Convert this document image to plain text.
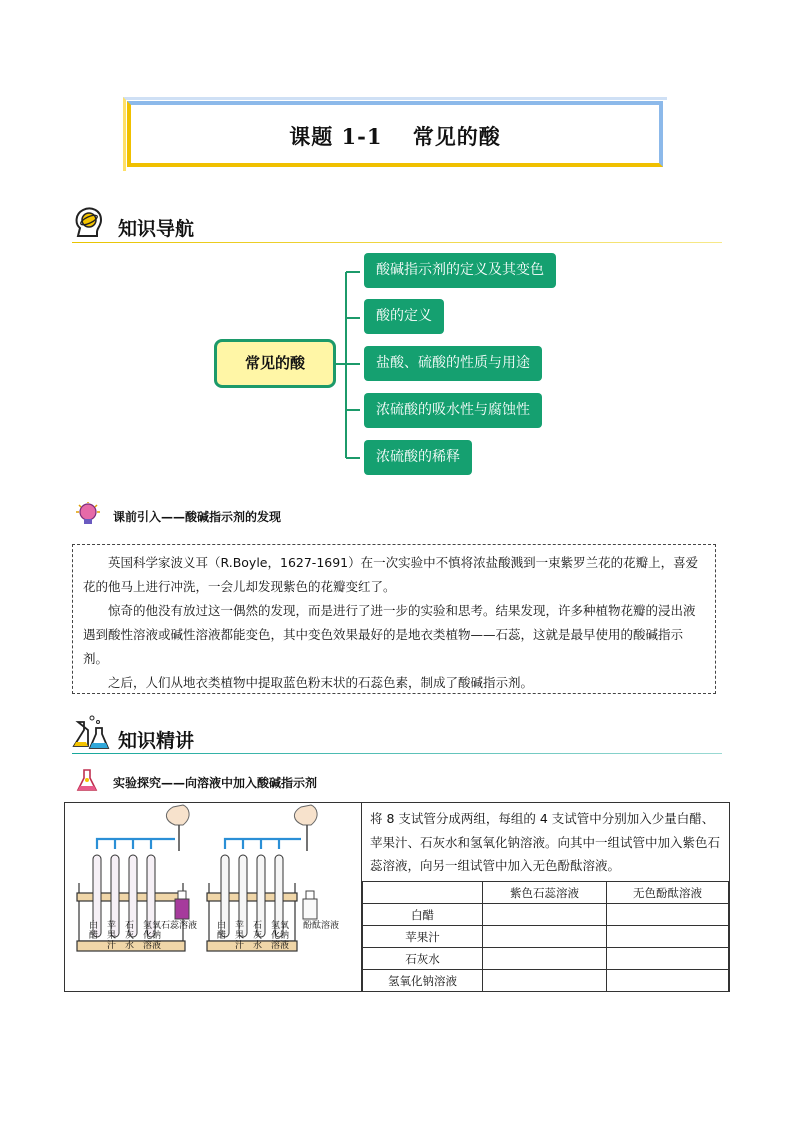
课题 1-1　 常见的酸
知识导航
常见的酸
酸碱指示剂的定义及其变色
酸的定义
盐酸、硫酸的性质与用途
浓硫酸的吸水性与腐蚀性
浓硫酸的稀释
课前引入——酸碱指示剂的发现

英国科学家波义耳（R.Boyle，1627-1691）在一次实验中不慎将浓盐酸溅到一束紫罗兰花的花瓣上，喜爱花的他马上进行冲洗，一会儿却发现紫色的花瓣变红了。

惊奇的他没有放过这一偶然的发现，而是进行了进一步的实验和思考。结果发现，许多种植物花瓣的浸出液遇到酸性溶液或碱性溶液都能变色，其中变色效果最好的是地衣类植物——石蕊，这就是最早使用的酸碱指示剂。

之后，人们从地衣类植物中提取蓝色粉末状的石蕊色素，制成了酸碱指示剂。

知识精讲
实验探究——向溶液中加入酸碱指示剂
白醋
苹果汁
石灰水
氢氧化钠溶液
石蕊溶液 白醋
苹果汁
石灰水
氢氧化钠溶液
酚酞溶液
将 8 支试管分成两组，每组的 4 支试管中分别加入少量白醋、苹果汁、石灰水和氢氧化钠溶液。向其中一组试管中加入紫色石蕊溶液，向另一组试管中加入无色酚酞溶液。
	紫色石蕊溶液	无色酚酞溶液
白醋		
苹果汁		
石灰水		
氢氧化钠溶液		
